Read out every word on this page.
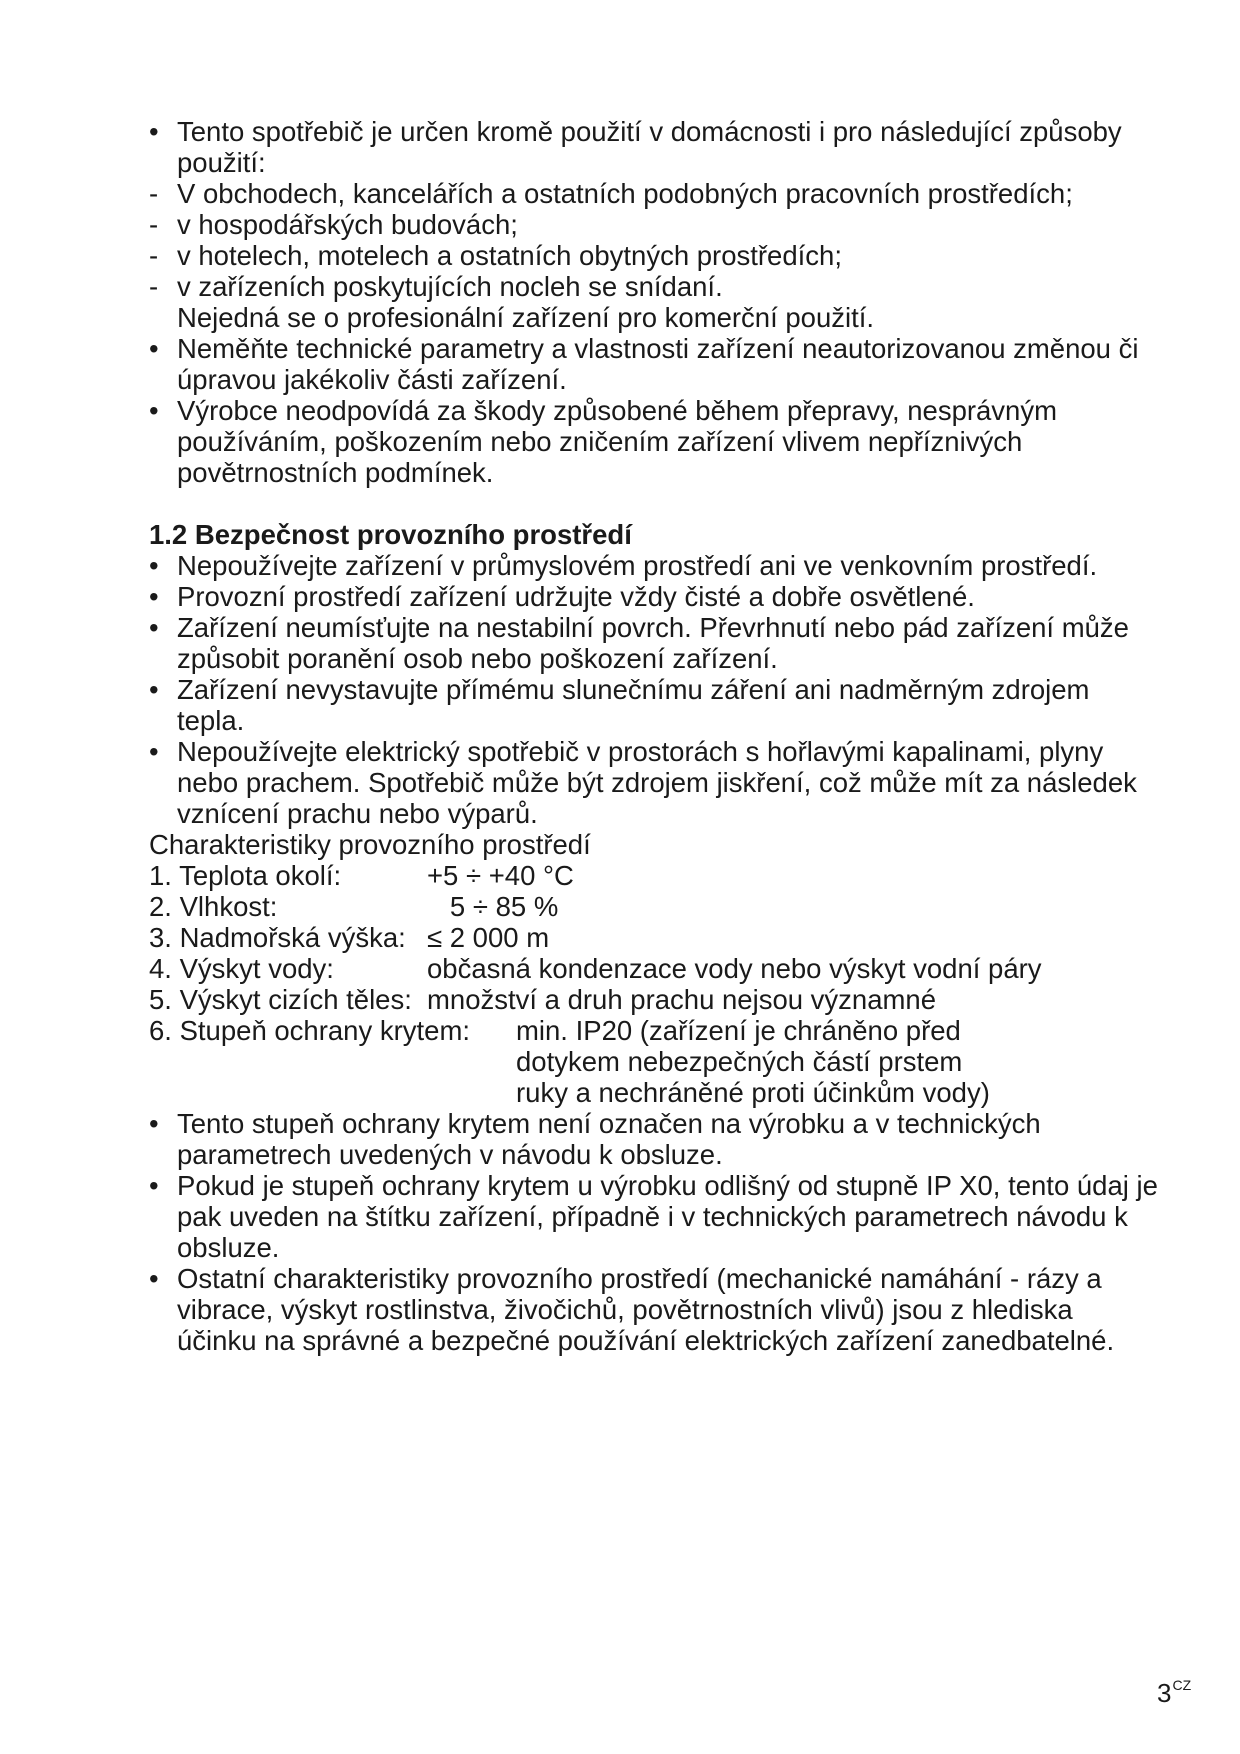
• Tento spotřebič je určen kromě použití v domácnosti i pro následující způsoby použití:
- V obchodech, kancelářích a ostatních podobných pracovních prostředích;
- v hospodářských budovách;
- v hotelech, motelech a ostatních obytných prostředích;
- v zařízeních poskytujících nocleh se snídaní.
Nejedná se o profesionální zařízení pro komerční použití.
• Neměňte technické parametry a vlastnosti zařízení neautorizovanou změnou či úpravou jakékoliv části zařízení.
• Výrobce neodpovídá za škody způsobené během přepravy, nesprávným používáním, poškozením nebo zničením zařízení vlivem nepříznivých povětrnostních podmínek.
1.2 Bezpečnost provozního prostředí
• Nepoužívejte zařízení v průmyslovém prostředí ani ve venkovním prostředí.
• Provozní prostředí zařízení udržujte vždy čisté a dobře osvětlené.
• Zařízení neumísťujte na nestabilní povrch. Převrhnutí nebo pád zařízení může způsobit poranění osob nebo poškození zařízení.
• Zařízení nevystavujte přímému slunečnímu záření ani nadměrným zdrojem tepla.
• Nepoužívejte elektrický spotřebič v prostorách s hořlavými kapalinami, plyny nebo prachem. Spotřebič může být zdrojem jiskření, což může mít za následek vznícení prachu nebo výparů.
Charakteristiky provozního prostředí
1. Teplota okolí:	+5 ÷ +40 °C
2. Vlhkost:	5 ÷ 85 %
3. Nadmořská výška: ≤ 2 000 m
4. Výskyt vody:	občasná kondenzace vody nebo výskyt vodní páry
5. Výskyt cizích těles: množství a druh prachu nejsou významné
6. Stupeň ochrany krytem:	min. IP20 (zařízení je chráněno před dotykem nebezpečných částí prstem ruky a nechráněné proti účinkům vody)
• Tento stupeň ochrany krytem není označen na výrobku a v technických parametrech uvedených v návodu k obsluze.
• Pokud je stupeň ochrany krytem u výrobku odlišný od stupně IP X0, tento údaj je pak uveden na štítku zařízení, případně i v technických parametrech návodu k obsluze.
• Ostatní charakteristiky provozního prostředí (mechanické namáhání - rázy a vibrace, výskyt rostlinstva, živočichů, povětrnostních vlivů) jsou z hlediska účinku na správné a bezpečné používání elektrických zařízení zanedbatelné.
$3^{CZ}$
